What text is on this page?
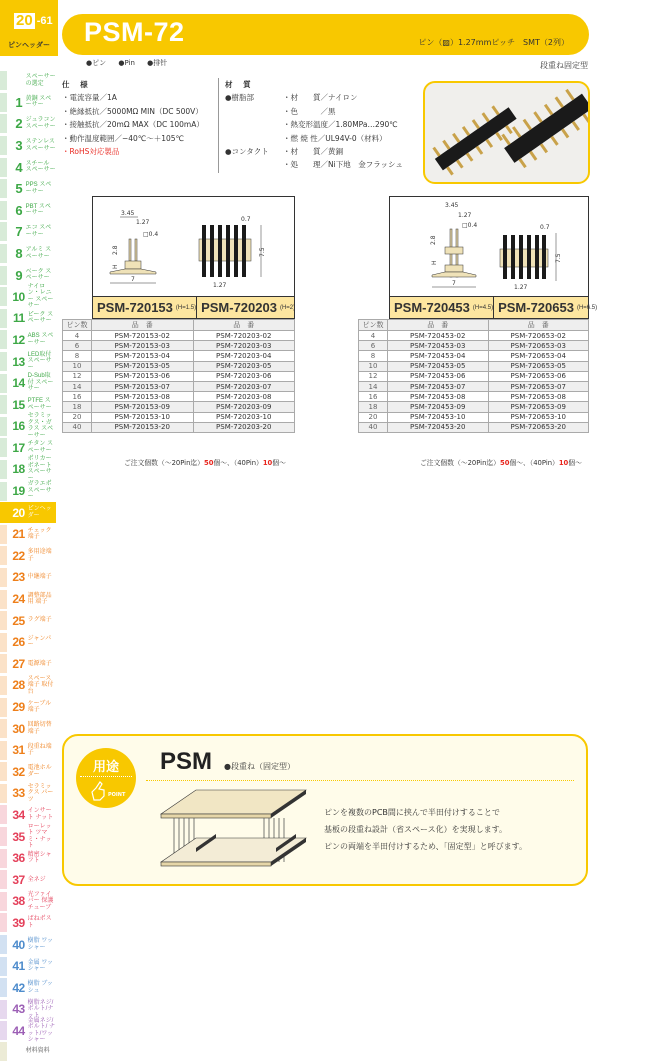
20 -61
ピンヘッダー PSM-72	ピン（▨）1.27mmピッチ　SMT（2列）
●ピン ●Pin ●排针	段重ね固定型
スペーサー の選定
1 黄銅 スペーサー
2 ジュラコン スペーサー
3 ステンレス スペーサー
4 スチール スペーサー
5 PPS スペーサー
6 PBT スペーサー
7 エコ スペーサー
8 アルミ スペーサー
9 ベーク スペーサー
10
ナイロン・レニー スペーサー
11 ピーク スペーサー
12 ABS スペーサー
13 LED取付 スペーサー
14 D-Sub取付 スペーサー
15 PTFE スペーサー
16
セラミックス・ガラス スペーサー
17 チタン スペーサー
18
ポリカーボネート スペーサー
19 ガラエポ スペーサー
20 ピンヘッダー
21 チェック端子
22 多用途端子
23 中継端子
24 調整部品用 端子
25 ラグ端子
26 ジャンパー
27 電源端子
28 スペース端子 取付台
29 ケーブル端子
30 回路切替 端子
31 段重ね端子
32 電池ホルダー
33 セラミックス パーツ
34 インサート ナット
35
ローレット ツマミ・ナット
36 精密シャフト
37 全ネジ
38 光ファイバー 保護チューブ
39 ばねポスト
40 樹脂 ワッシャー
41 金属 ワッシャー
42 樹脂 ブッシュ
43 樹脂ネジ/ ボルト/ナット
44
金属ネジ/ボルト/ ナット/ワッシャー
材料資料
仕 様
・電流容量／1A
・絶縁抵抗／5000MΩ MIN（DC 500V）
・接触抵抗／20mΩ MAX（DC 100mA）
・動作温度範囲／−40℃〜＋105℃
・RoHS対応製品
材 質
●樹脂部	・材　　質／ナイロン
・色　　　／黒
・熱変形温度／1.80MPa…290℃
・燃 焼 性／UL94V-0（材料）
●コンタクト	・材　　質／黄銅
・処　　理／Ni下地　金フラッシュ
3.45
1.27
□0.4
2.8
H
7
0.7
7.5
1.27
PSM-720153 (H=1.5) PSM-720203 (H=2)
ピン数	品　番	品　番
4	PSM-720153-02	PSM-720203-02
6	PSM-720153-03	PSM-720203-03
8	PSM-720153-04	PSM-720203-04
10	PSM-720153-05	PSM-720203-05
12	PSM-720153-06	PSM-720203-06
14	PSM-720153-07	PSM-720203-07
16	PSM-720153-08	PSM-720203-08
18	PSM-720153-09	PSM-720203-09
20	PSM-720153-10	PSM-720203-10
40	PSM-720153-20	PSM-720203-20
ご注文個数（〜20Pin迄）50個〜、（40Pin）10個〜
3.45
1.27
□0.4
2.8
H
7
0.7
7.5
1.27
PSM-720453 (H=4.5) PSM-720653 (H=6.5)
ピン数	品　番	品　番
4	PSM-720453-02	PSM-720653-02
6	PSM-720453-03	PSM-720653-03
8	PSM-720453-04	PSM-720653-04
10	PSM-720453-05	PSM-720653-05
12	PSM-720453-06	PSM-720653-06
14	PSM-720453-07	PSM-720653-07
16	PSM-720453-08	PSM-720653-08
18	PSM-720453-09	PSM-720653-09
20	PSM-720453-10	PSM-720653-10
40	PSM-720453-20	PSM-720653-20
ご注文個数（〜20Pin迄）50個〜、（40Pin）10個〜
用途
POINT
PSM ●段重ね（固定型）
ピンを複数のPCB間に挟んで半田付けすることで
基板の段重ね設計（省スペース化）を実現します。
ピンの両端を半田付けするため、「固定型」と呼びます。
